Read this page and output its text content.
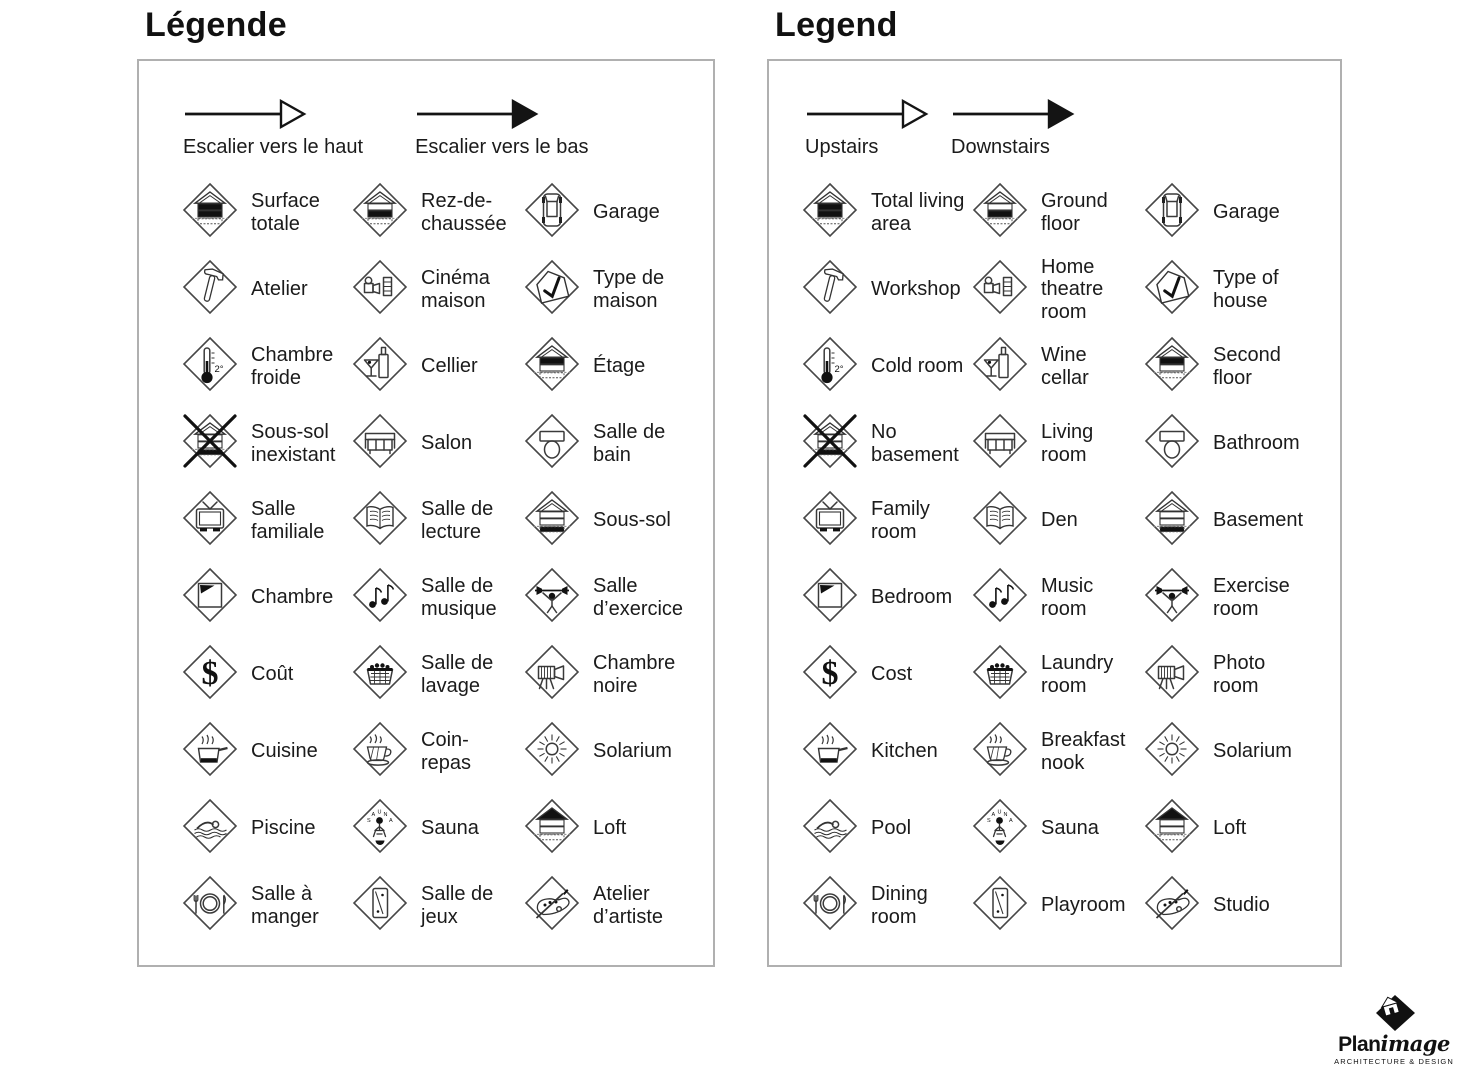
Légende
Escalier vers le haut	Escalier vers le bas
Surface totale
Rez-de-chaussée
Garage
Atelier
Cinéma maison
Type de maison
2°
Chambre froide
Cellier	Étage
Sous-sol inexistant
Salon
Salle de bain
Salle familiale
Salle de lecture
Sous-sol
Chambre
Salle de musique
Salle d’exercice
$ Coût
Salle de lavage
Chambre noire
Cuisine
Coin-repas
Solarium
Piscine	S
A U N
A Sauna	Loft
Salle à manger
Salle de jeux
Atelier d’artiste
Legend
Upstairs	Downstairs
Total living area
Ground floor
Garage
Workshop
Home theatre room
Type of house
2° Cold room
Wine cellar
Second floor
No basement
Living room
Bathroom
Family room
Den	Basement
Bedroom
Music room
Exercise room
$ Cost
Laundry room
Photo room
Kitchen
Breakfast nook
Solarium
Pool	S
A U N
A Sauna	Loft
Dining room
Playroom	Studio
Planimage
ARCHITECTURE & DESIGN
